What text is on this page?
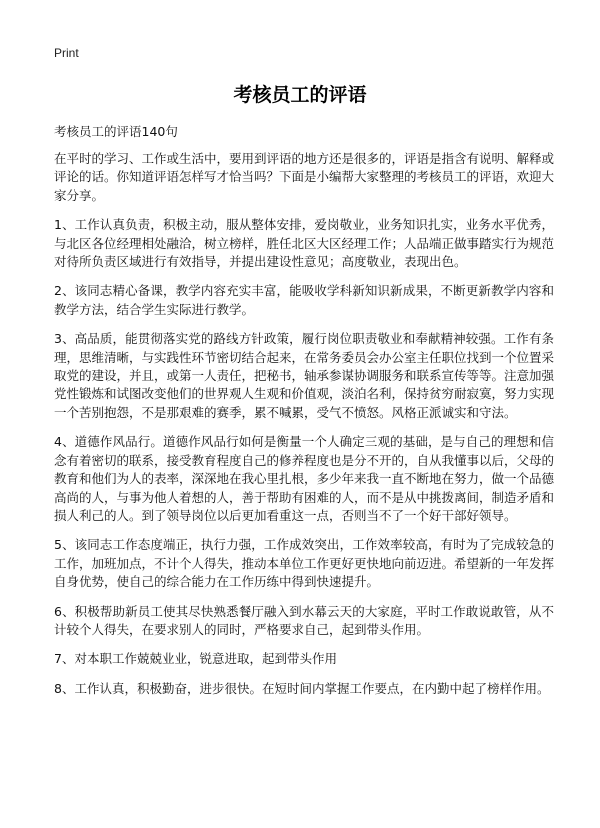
Print
考核员工的评语

考核员工的评语140句

在平时的学习、工作或生活中，要用到评语的地方还是很多的，评语是指含有说明、解释或评论的话。你知道评语怎样写才恰当吗？下面是小编帮大家整理的考核员工的评语，欢迎大家分享。

1、工作认真负责，积极主动，服从整体安排，爱岗敬业，业务知识扎实，业务水平优秀，与北区各位经理相处融洽，树立榜样，胜任北区大区经理工作；人品端正做事踏实行为规范对待所负责区域进行有效指导，并提出建设性意见；高度敬业，表现出色。

2、该同志精心备课，教学内容充实丰富，能吸收学科新知识新成果，不断更新教学内容和教学方法，结合学生实际进行教学。

3、高品质，能贯彻落实党的路线方针政策，履行岗位职责敬业和奉献精神较强。工作有条理，思维清晰，与实践性环节密切结合起来，在常务委员会办公室主任职位找到一个位置采取党的建设，并且，或第一人责任，把秘书，轴承参谋协调服务和联系宣传等等。注意加强党性锻炼和试图改变他们的世界观人生观和价值观，淡泊名利，保持贫穷耐寂寞，努力实现一个苦别抱怨，不是那艰难的赛季，累不喊累，受气不愤怒。风格正派诚实和守法。

4、道德作风品行。道德作风品行如何是衡量一个人确定三观的基础，是与自己的理想和信念有着密切的联系，接受教育程度自己的修养程度也是分不开的，自从我懂事以后，父母的教育和他们为人的表率，深深地在我心里扎根，多少年来我一直不断地在努力，做一个品德高尚的人，与事为他人着想的人，善于帮助有困难的人，而不是从中挑拨离间，制造矛盾和损人利己的人。到了领导岗位以后更加看重这一点，否则当不了一个好干部好领导。

5、该同志工作态度端正，执行力强，工作成效突出，工作效率较高，有时为了完成较急的工作，加班加点，不计个人得失，推动本单位工作更好更快地向前迈进。希望新的一年发挥自身优势，使自己的综合能力在工作历练中得到快速提升。

6、积极帮助新员工使其尽快熟悉餐厅融入到水幕云天的大家庭，平时工作敢说敢管，从不计较个人得失，在要求别人的同时，严格要求自己，起到带头作用。

7、对本职工作兢兢业业，锐意进取，起到带头作用

8、工作认真，积极勤奋，进步很快。在短时间内掌握工作要点，在内勤中起了榜样作用。
